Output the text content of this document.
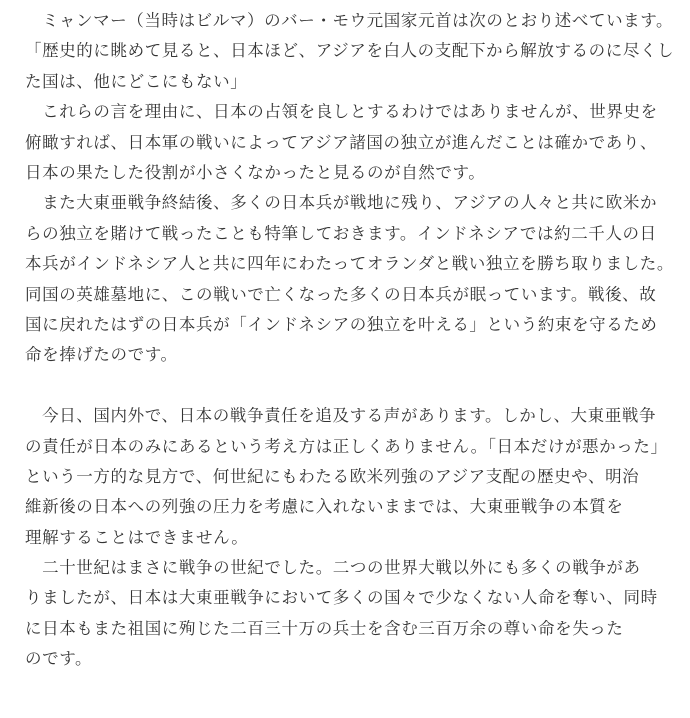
　ミャンマー（当時はビルマ）のバー・モウ元国家元首は次のとおり述べています。
「歴史的に眺めて見ると、日本ほど、アジアを白人の支配下から解放するのに尽くした国は、他にどこにもない」
　これらの言を理由に、日本の占領を良しとするわけではありませんが、世界史を
俯瞰すれば、日本軍の戦いによってアジア諸国の独立が進んだことは確かであり、
日本の果たした役割が小さくなかったと見るのが自然です。
　また大東亜戦争終結後、多くの日本兵が戦地に残り、アジアの人々と共に欧米か
らの独立を賭けて戦ったことも特筆しておきます。インドネシアでは約二千人の日
本兵がインドネシア人と共に四年にわたってオランダと戦い独立を勝ち取りました。
同国の英雄墓地に、この戦いで亡くなった多くの日本兵が眠っています。戦後、故
国に戻れたはずの日本兵が「インドネシアの独立を叶える」という約束を守るため
命を捧げたのです。
　今日、国内外で、日本の戦争責任を追及する声があります。しかし、大東亜戦争
の責任が日本のみにあるという考え方は正しくありません。「日本だけが悪かった」
という一方的な見方で、何世紀にもわたる欧米列強のアジア支配の歴史や、明治
維新後の日本への列強の圧力を考慮に入れないままでは、大東亜戦争の本質を
理解することはできません。
　二十世紀はまさに戦争の世紀でした。二つの世界大戦以外にも多くの戦争があ
りましたが、日本は大東亜戦争において多くの国々で少なくない人命を奪い、同時
に日本もまた祖国に殉じた二百三十万の兵士を含む三百万余の尊い命を失った
のです。
